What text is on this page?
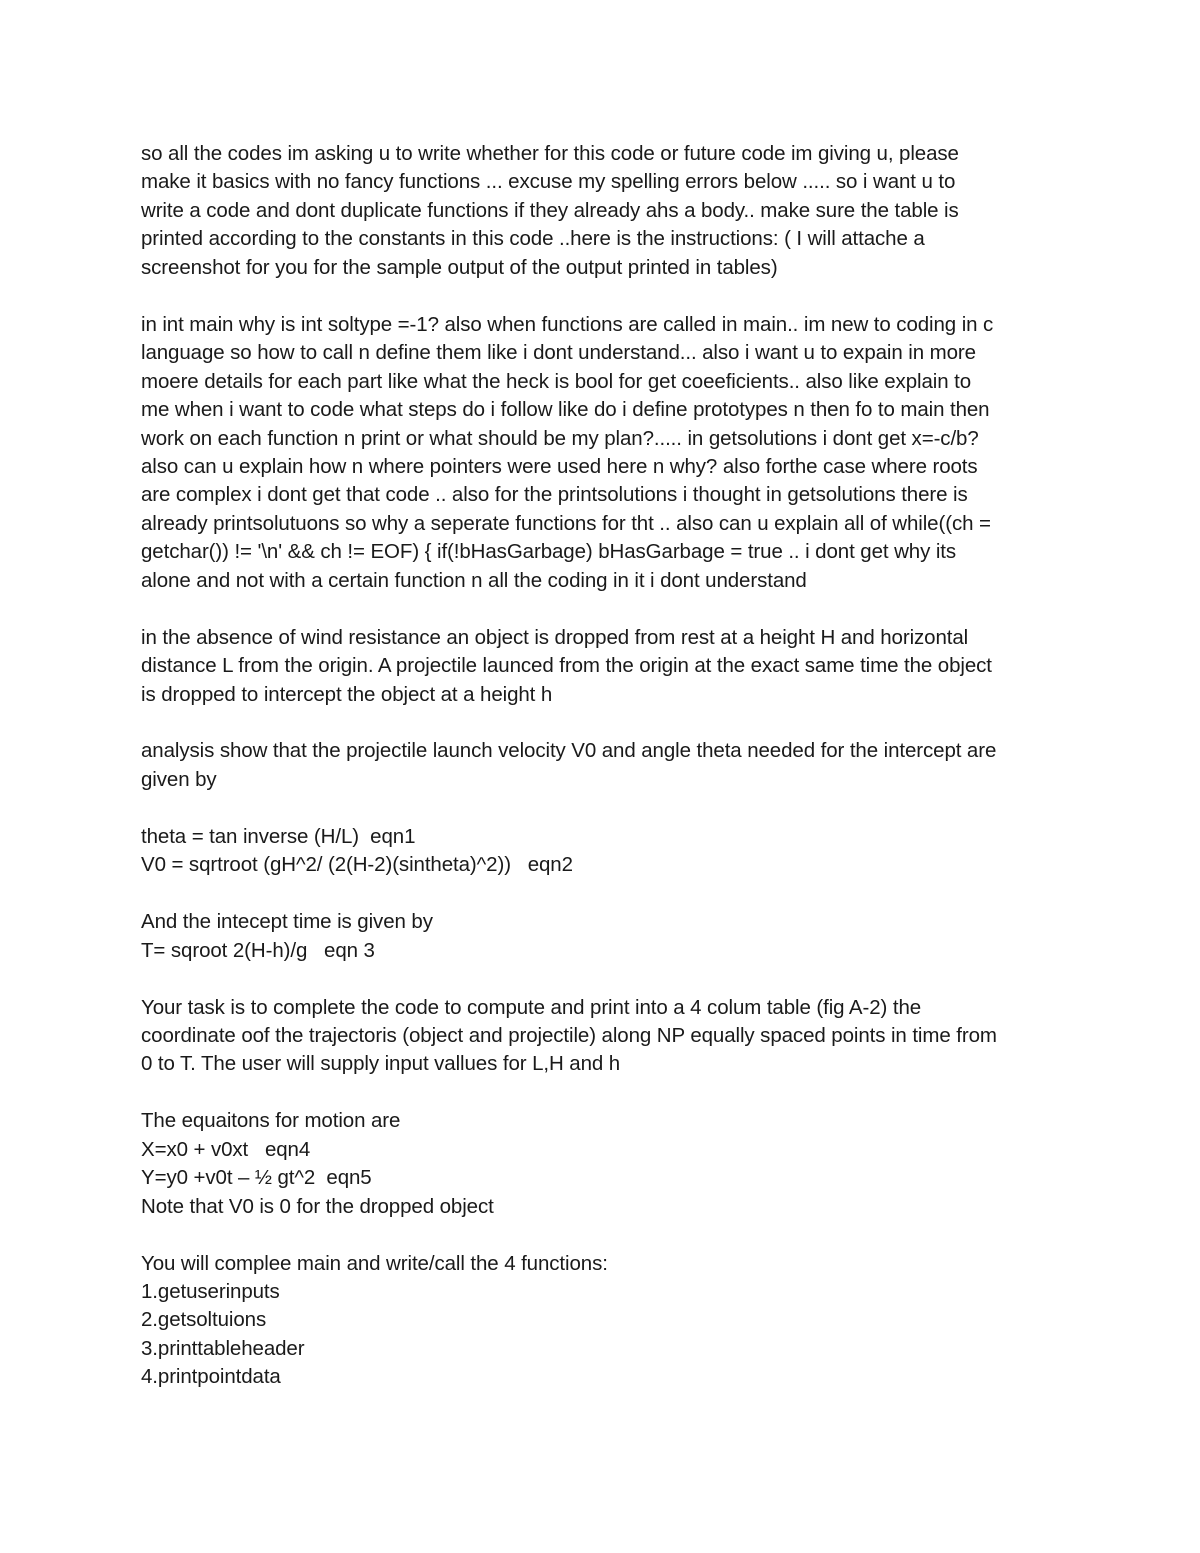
so all the codes im asking u to write whether for this code or future code im giving u, please
make it basics with no fancy functions ... excuse my spelling errors below ..... so i want u to
write a code and dont duplicate functions if they already ahs a body.. make sure the table is
printed according to the constants in this code ..here is the instructions: ( I will attache a
screenshot for you for the sample output of the output printed in tables)
in int main why is int soltype =-1? also when functions are called in main.. im new to coding in c
language so how to call n define them like i dont understand... also i want u to expain in more
moere details for each part like what the heck is bool for get coeeficients.. also like explain to
me when i want to code what steps do i follow like do i define prototypes n then fo to main then
work on each function n print or what should be my plan?..... in getsolutions i dont get x=-c/b?
also can u explain how n where pointers were used here n why? also forthe case where roots
are complex i dont get that code .. also for the printsolutions i thought in getsolutions there is
already printsolutuons so why a seperate functions for tht .. also can u explain all of while((ch =
getchar()) != '\n' && ch != EOF) { if(!bHasGarbage) bHasGarbage = true .. i dont get why its
alone and not with a certain function n all the coding in it i dont understand
in the absence of wind resistance an object is dropped from rest at a height H and horizontal
distance L from the origin. A projectile launced from the origin at the exact same time the object
is dropped to intercept the object at a height h
analysis show that the projectile launch velocity V0 and angle theta needed for the intercept are
given by
theta = tan inverse (H/L)  eqn1
V0 = sqrtroot (gH^2/ (2(H-2)(sintheta)^2))   eqn2
And the intecept time is given by
T= sqroot 2(H-h)/g   eqn 3
Your task is to complete the code to compute and print into a 4 colum table (fig A-2) the
coordinate oof the trajectoris (object and projectile) along NP equally spaced points in time from
0 to T. The user will supply input vallues for L,H and h
The equaitons for motion are
X=x0 + v0xt   eqn4
Y=y0 +v0t – ½ gt^2  eqn5
Note that V0 is 0 for the dropped object
You will complee main and write/call the 4 functions:
1.getuserinputs
2.getsoltuions
3.printtableheader
4.printpointdata
